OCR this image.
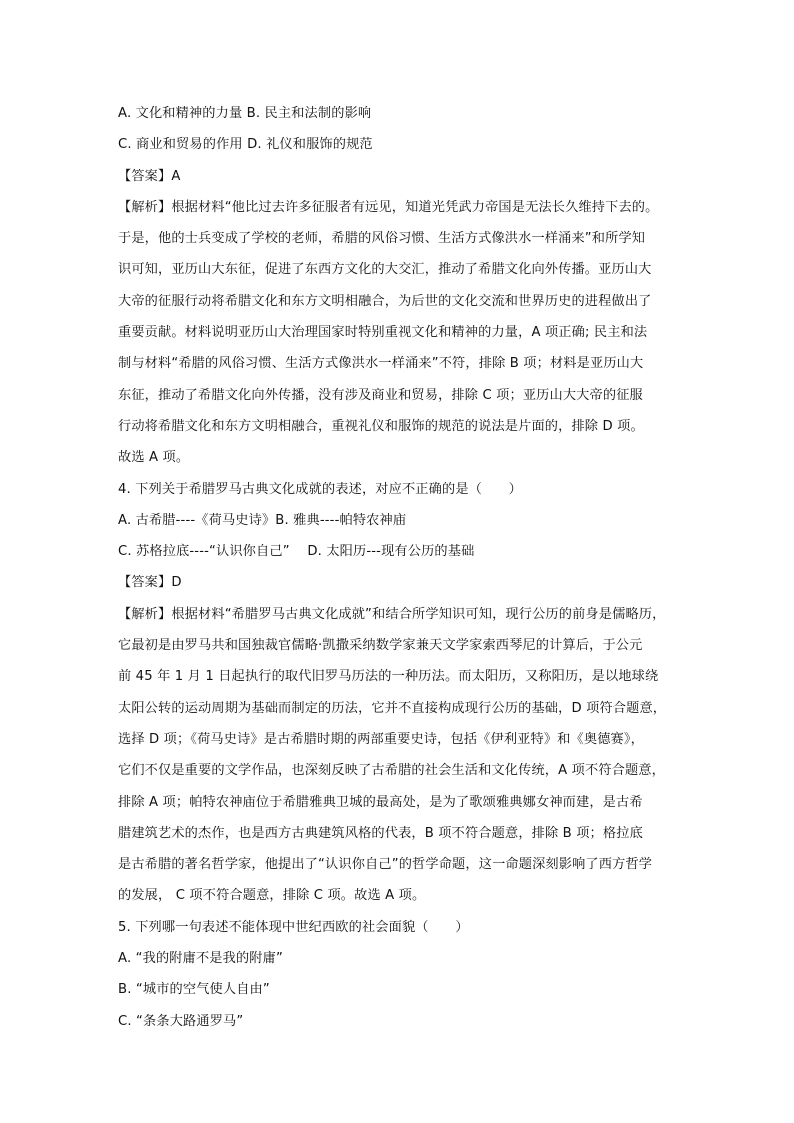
A. 文化和精神的力量 B. 民主和法制的影响
C. 商业和贸易的作用 D. 礼仪和服饰的规范
【答案】A
【解析】根据材料“他比过去许多征服者有远见，知道光凭武力帝国是无法长久维持下去的。
于是，他的士兵变成了学校的老师，希腊的风俗习惯、生活方式像洪水一样涌来”和所学知
识可知，亚历山大东征，促进了东西方文化的大交汇，推动了希腊文化向外传播。亚历山大
大帝的征服行动将希腊文化和东方文明相融合，为后世的文化交流和世界历史的进程做出了
重要贡献。材料说明亚历山大治理国家时特别重视文化和精神的力量，A 项正确; 民主和法
制与材料“希腊的风俗习惯、生活方式像洪水一样涌来”不符，排除 B 项；材料是亚历山大
东征，推动了希腊文化向外传播，没有涉及商业和贸易，排除 C 项；亚历山大大帝的征服
行动将希腊文化和东方文明相融合，重视礼仪和服饰的规范的说法是片面的，排除 D 项。
故选 A 项。
4. 下列关于希腊罗马古典文化成就的表述，对应不正确的是（　　）
A. 古希腊----《荷马史诗》B. 雅典----帕特农神庙
C. 苏格拉底----“认识你自己”　 D. 太阳历---现有公历的基础
【答案】D
【解析】根据材料“希腊罗马古典文化成就”和结合所学知识可知，现行公历的前身是儒略历，
它最初是由罗马共和国独裁官儒略·凯撒采纳数学家兼天文学家索西琴尼的计算后，于公元
前 45 年 1 月 1 日起执行的取代旧罗马历法的一种历法。而太阳历，又称阳历，是以地球绕
太阳公转的运动周期为基础而制定的历法，它并不直接构成现行公历的基础，D 项符合题意，
选择 D 项；《荷马史诗》是古希腊时期的两部重要史诗，包括《伊利亚特》和《奥德赛》，
它们不仅是重要的文学作品，也深刻反映了古希腊的社会生活和文化传统，A 项不符合题意，
排除 A 项；帕特农神庙位于希腊雅典卫城的最高处，是为了歌颂雅典娜女神而建，是古希
腊建筑艺术的杰作，也是西方古典建筑风格的代表，B 项不符合题意，排除 B 项；格拉底
是古希腊的著名哲学家，他提出了“认识你自己”的哲学命题，这一命题深刻影响了西方哲学
的发展， C 项不符合题意，排除 C 项。故选 A 项。
5. 下列哪一句表述不能体现中世纪西欧的社会面貌（　　）
A. “我的附庸不是我的附庸”
B. “城市的空气使人自由”
C. “条条大路通罗马”
